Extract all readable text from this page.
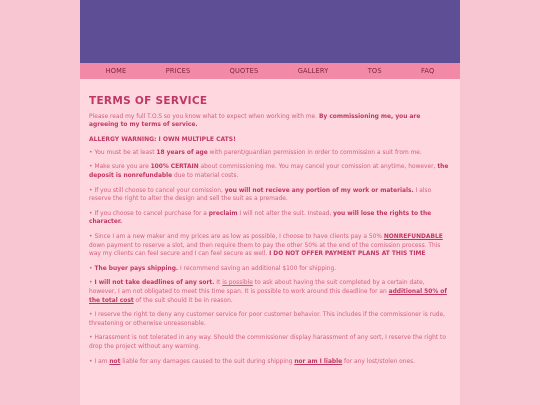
HOME	PRICES	QUOTES	GALLERY	TOS	FAQ
TERMS OF SERVICE

Please read my full T.O.S so you know what to expect when working with me. By commissioning me, you are agreeing to my terms of service.

ALLERGY WARNING: I OWN MULTIPLE CATS!

• You must be at least 18 years of age with parent/guardian permission in order to commission a suit from me.
• Make sure you are 100% CERTAIN about commissioning me. You may cancel your comission at anytime, however, the deposit is nonrefundable due to material costs.
• If you still choose to cancel your comission, you will not recieve any portion of my work or materials. I also reserve the right to alter the design and sell the suit as a premade.
• If you choose to cancel purchase for a preclaim I will not alter the suit. Instead, you will lose the rights to the character.
• Since I am a new maker and my prices are as low as possible, I choose to have clients pay a 50% NONREFUNDABLE down payment to reserve a slot, and then require them to pay the other 50% at the end of the comission process. This way my clients can feel secure and I can feel secure as well. I DO NOT OFFER PAYMENT PLANS AT THIS TIME
• The buyer pays shipping. I recommend saving an additional $100 for shipping.
• I will not take deadlines of any sort. It is possible to ask about having the suit completed by a certain date, however, I am not obligated to meet this time span. It is possible to work around this deadline for an additional 50% of the total cost of the suit should it be in reason.
• I reserve the right to deny any customer service for poor customer behavior. This includes if the commissioner is rude, threatening or otherwise unreasonable.
• Harassment is not tolerated in any way. Should the commissioner display harassment of any sort, I reserve the right to drop the project without any warning.
• I am not liable for any damages caused to the suit during shipping nor am I liable for any lost/stolen ones.
